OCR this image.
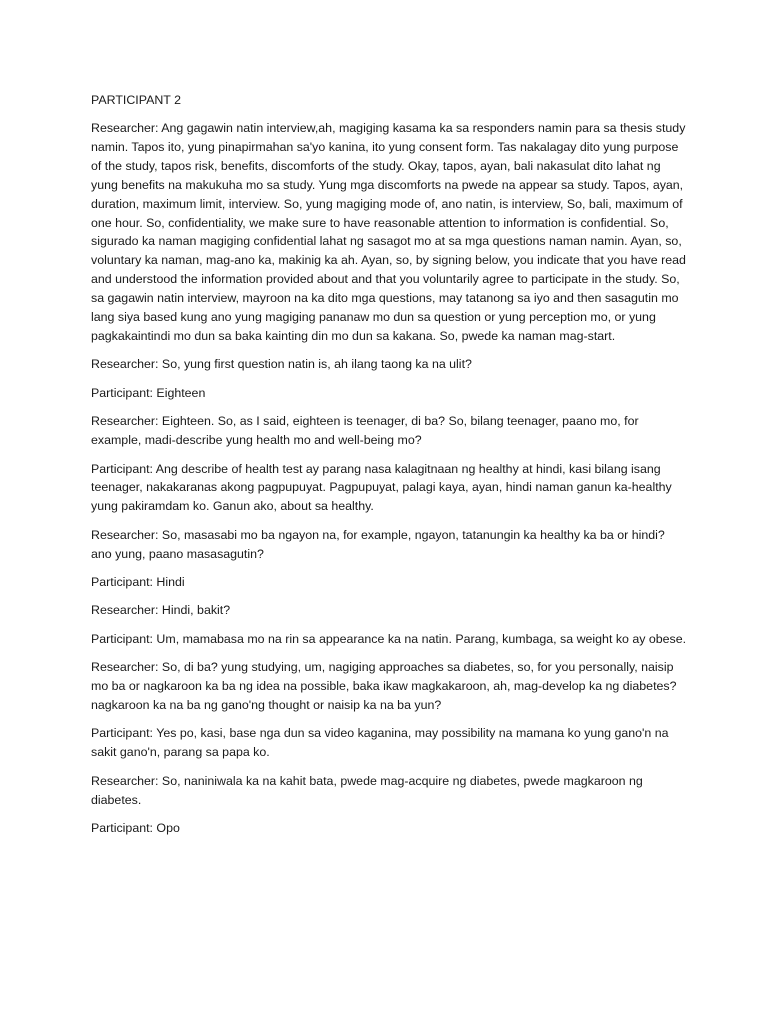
PARTICIPANT 2

Researcher: Ang gagawin natin interview,ah, magiging kasama ka sa responders namin para sa thesis study namin. Tapos ito, yung pinapirmahan sa'yo kanina, ito yung consent form. Tas nakalagay dito yung purpose of the study, tapos risk, benefits, discomforts of the study. Okay, tapos, ayan, bali nakasulat dito lahat ng yung benefits na makukuha mo sa study. Yung mga discomforts na pwede na appear sa study. Tapos, ayan, duration, maximum limit, interview. So, yung magiging mode of, ano natin, is interview, So, bali, maximum of one hour. So, confidentiality, we make sure to have reasonable attention to information is confidential. So, sigurado ka naman magiging confidential lahat ng sasagot mo at sa mga questions naman namin. Ayan, so, voluntary ka naman, mag-ano ka, makinig ka ah. Ayan, so, by signing below, you indicate that you have read and understood the information provided about and that you voluntarily agree to participate in the study. So, sa gagawin natin interview, mayroon na ka dito mga questions, may tatanong sa iyo and then sasagutin mo lang siya based kung ano yung magiging pananaw mo dun sa question or yung perception mo, or yung pagkakaintindi mo dun sa baka kainting din mo dun sa kakana. So, pwede ka naman mag-start.

Researcher: So, yung first question natin is, ah ilang taong ka na ulit?

Participant: Eighteen

Researcher: Eighteen. So, as I said, eighteen is teenager, di ba? So, bilang teenager, paano mo, for example, madi-describe yung health mo and well-being mo?

Participant: Ang describe of health test ay parang nasa kalagitnaan ng healthy at hindi, kasi bilang isang teenager, nakakaranas akong pagpupuyat. Pagpupuyat, palagi kaya, ayan, hindi naman ganun ka-healthy yung pakiramdam ko. Ganun ako, about sa healthy.

Researcher: So, masasabi mo ba ngayon na, for example, ngayon, tatanungin ka healthy ka ba or hindi? ano yung, paano masasagutin?

Participant: Hindi

Researcher: Hindi, bakit?

Participant: Um, mamabasa mo na rin sa appearance ka na natin. Parang, kumbaga, sa weight ko ay obese.

Researcher: So, di ba? yung studying, um, nagiging approaches sa diabetes, so, for you personally, naisip mo ba or nagkaroon ka ba ng idea na possible, baka ikaw magkakaroon, ah, mag-develop ka ng diabetes? nagkaroon ka na ba ng gano'ng thought or naisip ka na ba yun?

Participant: Yes po, kasi, base nga dun sa video kaganina, may possibility na mamana ko yung gano'n na sakit gano'n, parang sa papa ko.

Researcher: So, naniniwala ka na kahit bata, pwede mag-acquire ng diabetes, pwede magkaroon ng diabetes.

Participant: Opo
